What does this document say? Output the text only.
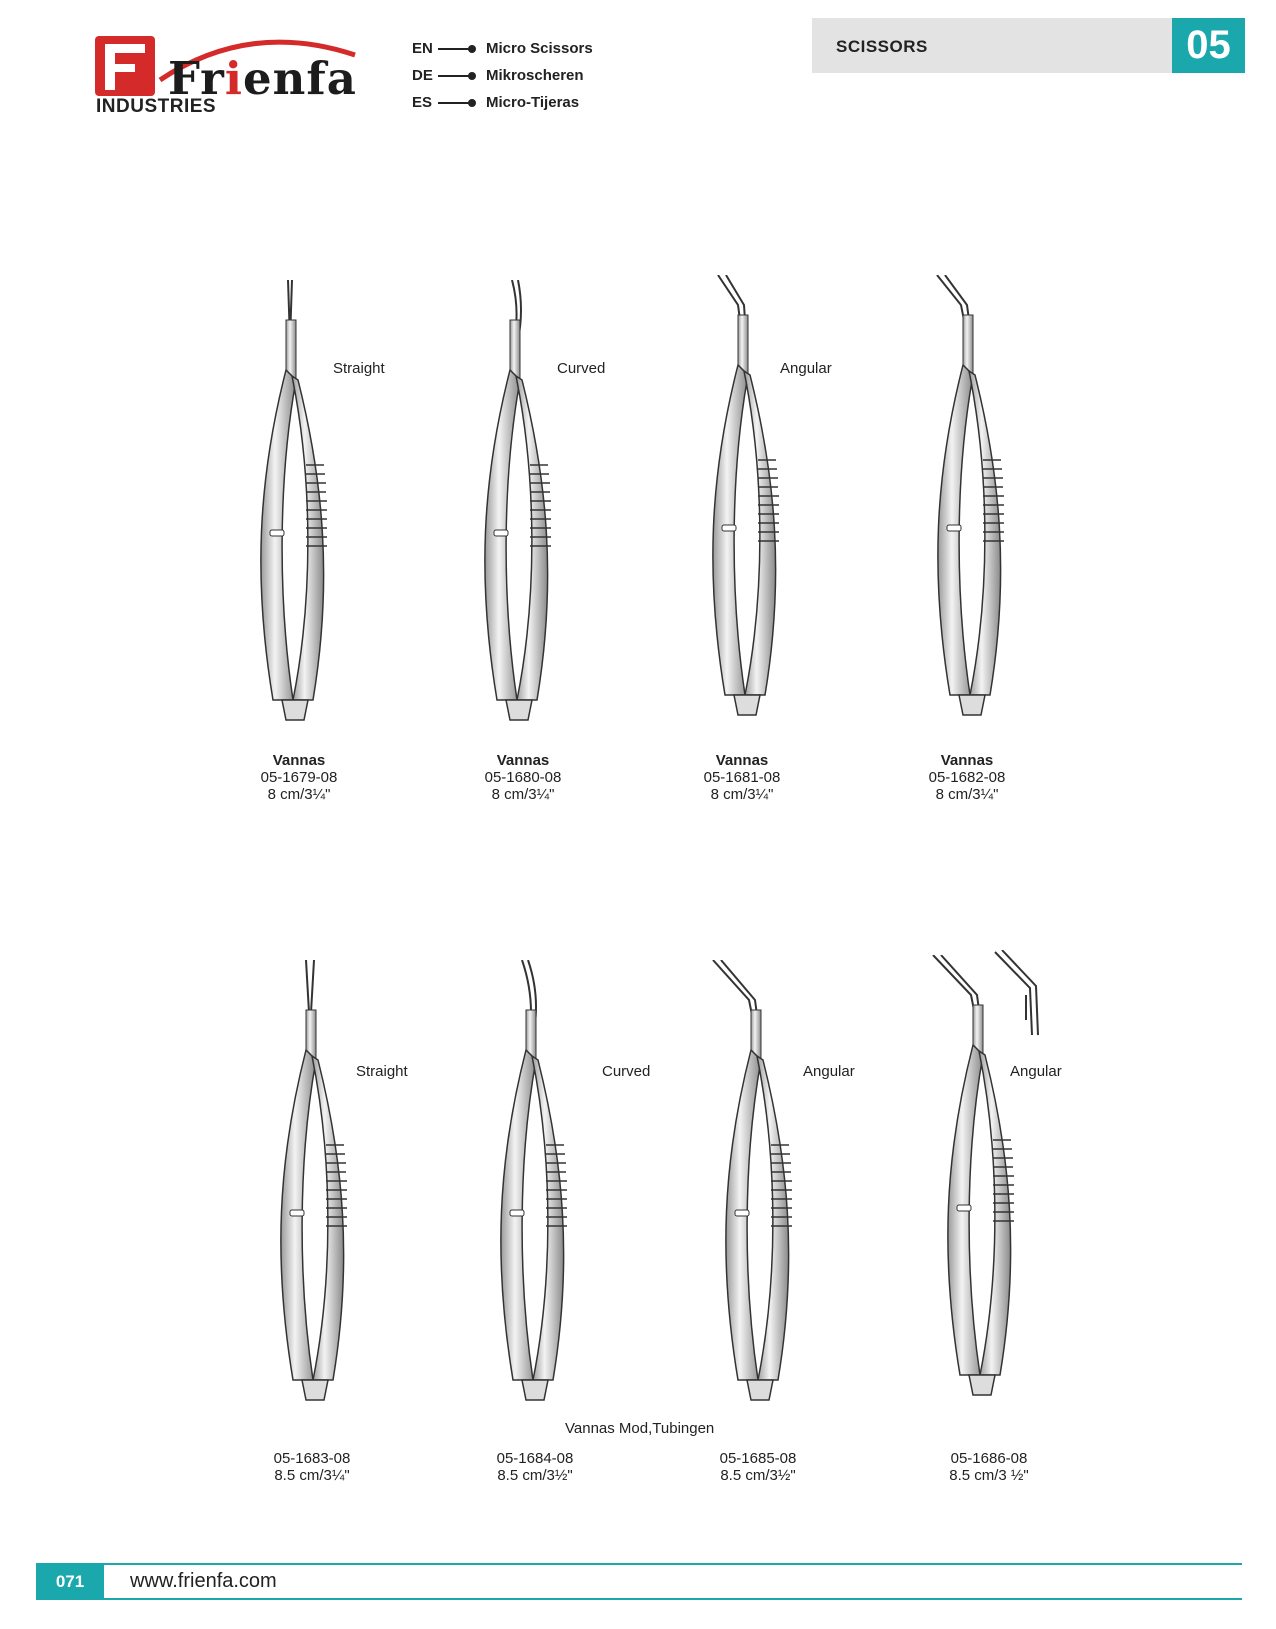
Frienfa
INDUSTRIES
EN	Micro Scissors
DE	Mikroscheren
ES	Micro-Tijeras
SCISSORS	05
Straight
Vannas
05-1679-08
8 cm/3¼"
Curved
Vannas
05-1680-08
8 cm/3¼"
Angular
Vannas
05-1681-08
8 cm/3¼"
Vannas
05-1682-08
8 cm/3¼"
Straight
05-1683-08
8.5 cm/3¼"
Curved
05-1684-08
8.5 cm/3½"
Angular
05-1685-08
8.5 cm/3½"
Angular
05-1686-08
8.5 cm/3 ½"
Vannas Mod,Tubingen
071	www.frienfa.com
